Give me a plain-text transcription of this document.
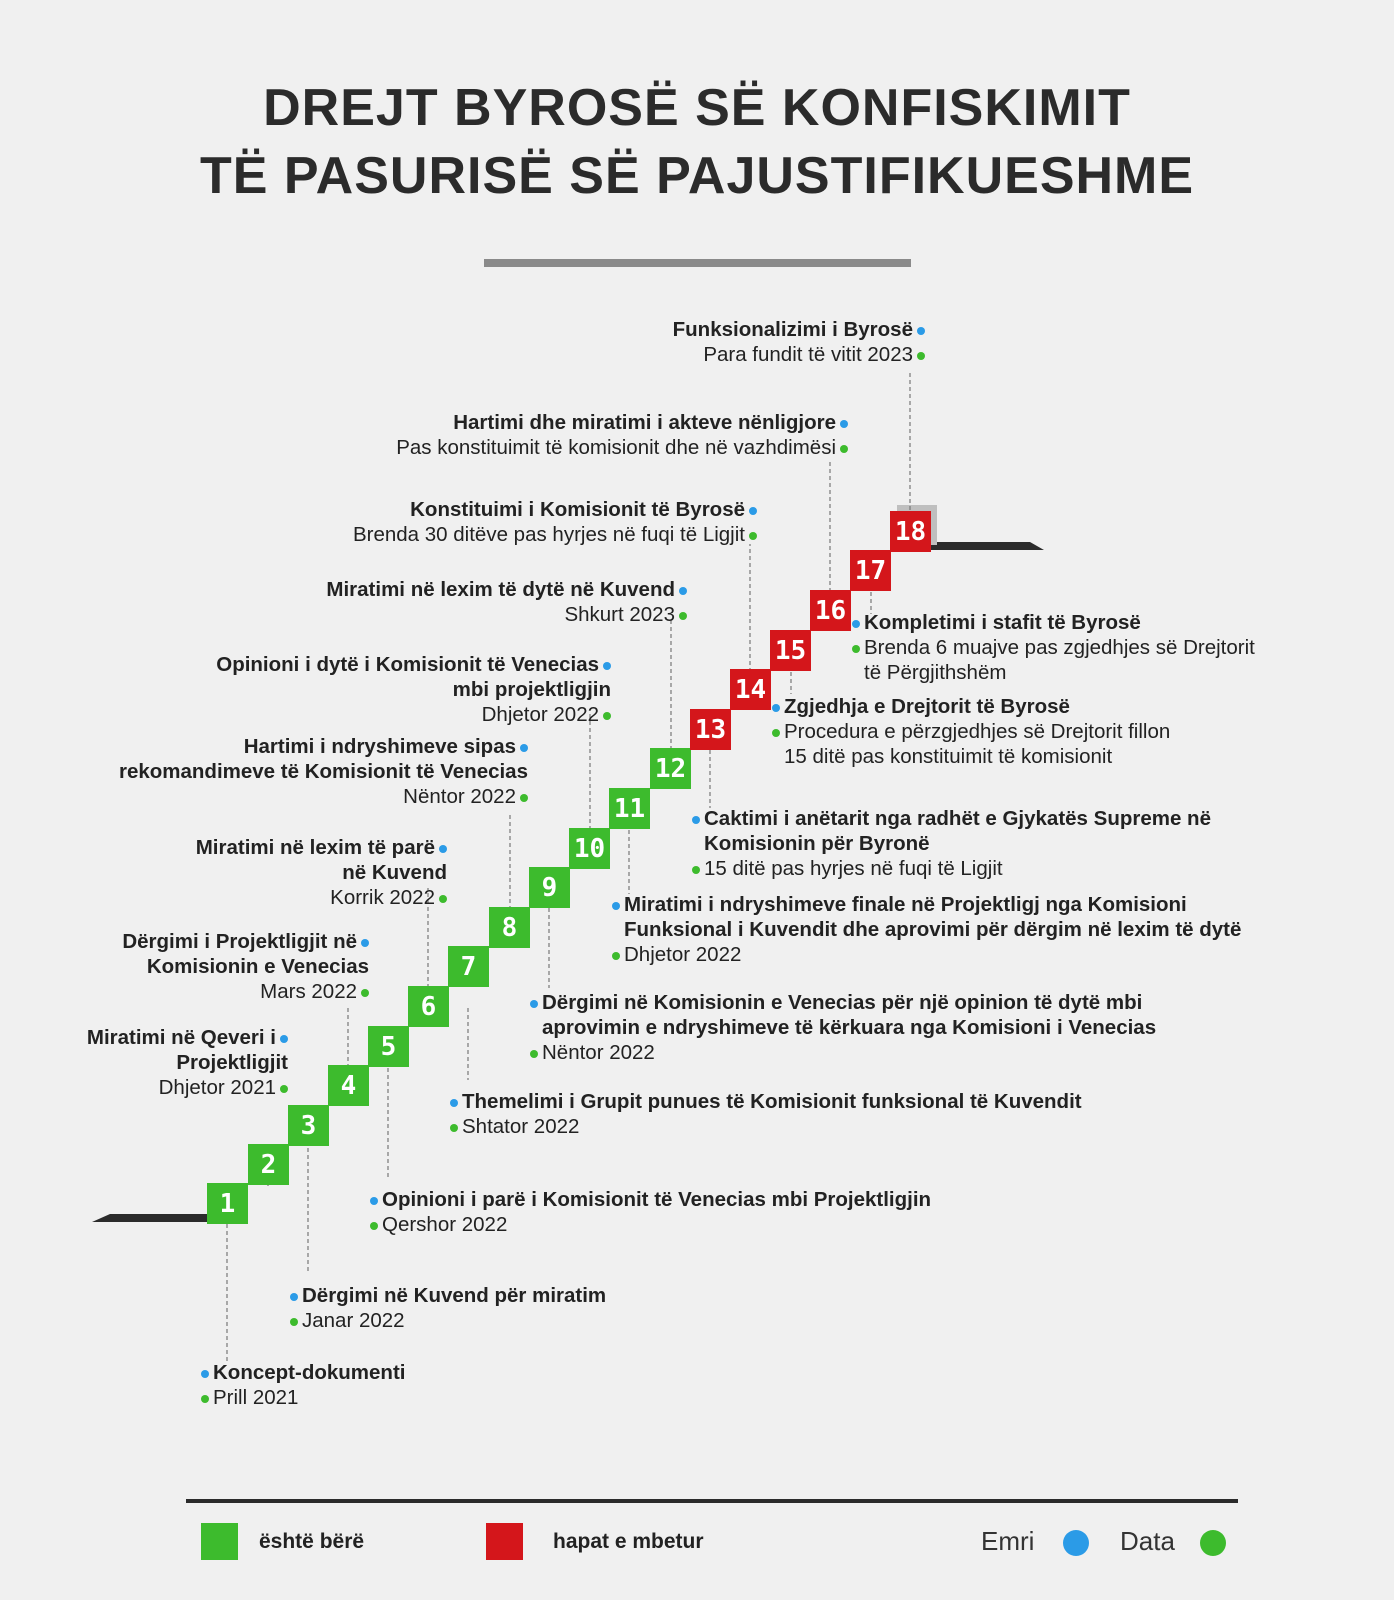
DREJT BYROSË SË KONFISKIMIT
TË PASURISË SË PAJUSTIFIKUESHME
1
2
3
4
5
6
7
8
9
10
11
12
13
14
15
16
17
18
Koncept-dokumenti
Prill 2021
Dërgimi në Kuvend për miratim
Janar 2022
Miratimi në Qeveri i
Projektligjit
Dhjetor 2021
Dërgimi i Projektligjit në
Komisionin e Venecias
Mars 2022
Opinioni i parë i Komisionit të Venecias mbi Projektligjin
Qershor 2022
Miratimi në lexim të parë
në Kuvend
Korrik 2022
Themelimi i Grupit punues të Komisionit funksional të Kuvendit
Shtator 2022
Hartimi i ndryshimeve sipas
rekomandimeve të Komisionit të Venecias
Nëntor 2022
Dërgimi në Komisionin e Venecias për një opinion të dytë mbi
aprovimin e ndryshimeve të kërkuara nga Komisioni i Venecias
Nëntor 2022
Opinioni i dytë i Komisionit të Venecias
mbi projektligjin
Dhjetor 2022
Miratimi i ndryshimeve finale në Projektligj nga Komisioni
Funksional i Kuvendit dhe aprovimi për dërgim në lexim të dytë
Dhjetor 2022
Miratimi në lexim të dytë në Kuvend
Shkurt 2023
Caktimi i anëtarit nga radhët e Gjykatës Supreme në
Komisionin për Byronë
15 ditë pas hyrjes në fuqi të Ligjit
Konstituimi i Komisionit të Byrosë
Brenda 30 ditëve pas hyrjes në fuqi të Ligjit
Zgjedhja e Drejtorit të Byrosë
Procedura e përzgjedhjes së Drejtorit fillon
15 ditë pas konstituimit të komisionit
Hartimi dhe miratimi i akteve nënligjore
Pas konstituimit të komisionit dhe në vazhdimësi
Kompletimi i stafit të Byrosë
Brenda 6 muajve pas zgjedhjes së Drejtorit
të Përgjithshëm
Funksionalizimi i Byrosë
Para fundit të vitit 2023
është bërë	hapat e mbetur	Emri	Data
